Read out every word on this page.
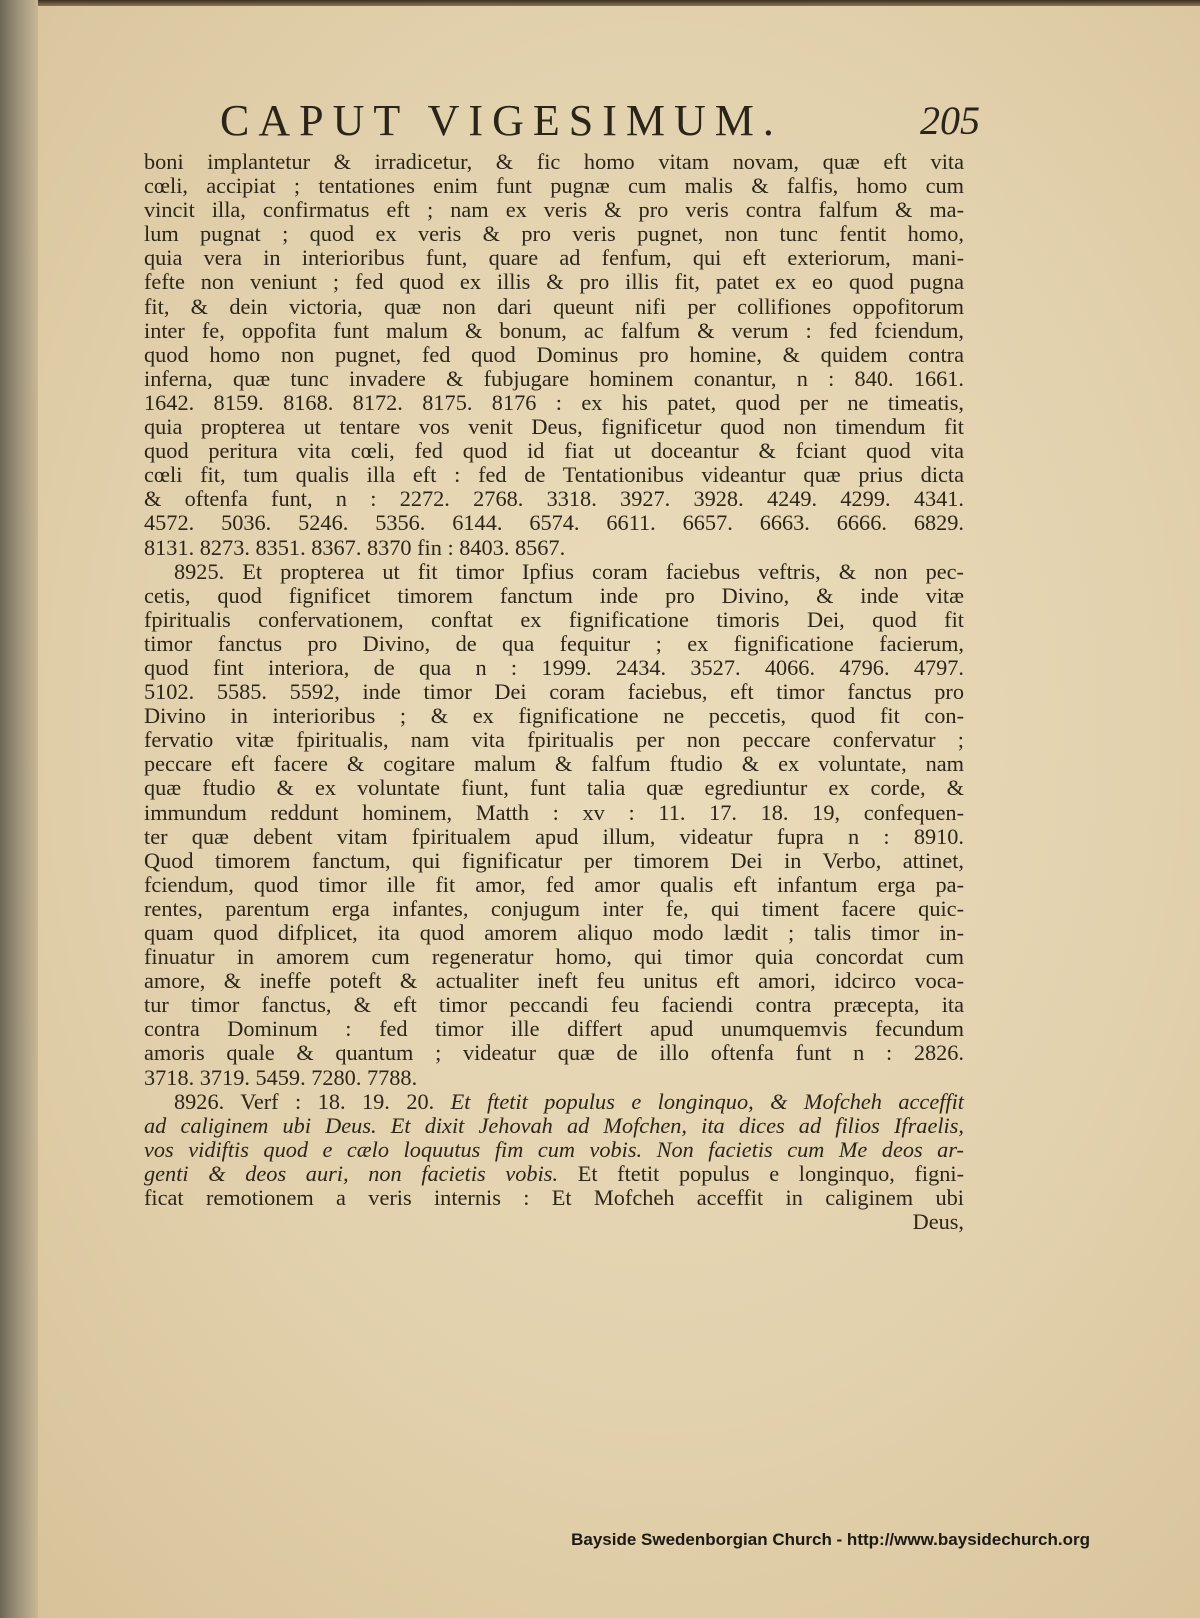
CAPUT VIGESIMUM.	205
boni implantetur & irradicetur, & fic homo vitam novam, quæ eft vita
cœli, accipiat ; tentationes enim funt pugnæ cum malis & falfis, homo cum
vincit illa, confirmatus eft ; nam ex veris & pro veris contra falfum & ma-
lum pugnat ; quod ex veris & pro veris pugnet, non tunc fentit homo,
quia vera in interioribus funt, quare ad fenfum, qui eft exteriorum, mani-
fefte non veniunt ; fed quod ex illis & pro illis fit, patet ex eo quod pugna
fit, & dein victoria, quæ non dari queunt nifi per collifiones oppofitorum
inter fe, oppofita funt malum & bonum, ac falfum & verum : fed fciendum,
quod homo non pugnet, fed quod Dominus pro homine, & quidem contra
inferna, quæ tunc invadere & fubjugare hominem conantur, n : 840. 1661.
1642. 8159. 8168. 8172. 8175. 8176 : ex his patet, quod per ne timeatis,
quia propterea ut tentare vos venit Deus, fignificetur quod non timendum fit
quod peritura vita cœli, fed quod id fiat ut doceantur & fciant quod vita
cœli fit, tum qualis illa eft : fed de Tentationibus videantur quæ prius dicta
& oftenfa funt, n : 2272. 2768. 3318. 3927. 3928. 4249. 4299. 4341.
4572. 5036. 5246. 5356. 6144. 6574. 6611. 6657. 6663. 6666. 6829.
8131. 8273. 8351. 8367. 8370 fin : 8403. 8567.
8925. Et propterea ut fit timor Ipfius coram faciebus veftris, & non pec-
cetis, quod fignificet timorem fanctum inde pro Divino, & inde vitæ
fpiritualis confervationem, conftat ex fignificatione timoris Dei, quod fit
timor fanctus pro Divino, de qua fequitur ; ex fignificatione facierum,
quod fint interiora, de qua n : 1999. 2434. 3527. 4066. 4796. 4797.
5102. 5585. 5592, inde timor Dei coram faciebus, eft timor fanctus pro
Divino in interioribus ; & ex fignificatione ne peccetis, quod fit con-
fervatio vitæ fpiritualis, nam vita fpiritualis per non peccare confervatur ;
peccare eft facere & cogitare malum & falfum ftudio & ex voluntate, nam
quæ ftudio & ex voluntate fiunt, funt talia quæ egrediuntur ex corde, &
immundum reddunt hominem, Matth : xv : 11. 17. 18. 19, confequen-
ter quæ debent vitam fpiritualem apud illum, videatur fupra n : 8910.
Quod timorem fanctum, qui fignificatur per timorem Dei in Verbo, attinet,
fciendum, quod timor ille fit amor, fed amor qualis eft infantum erga pa-
rentes, parentum erga infantes, conjugum inter fe, qui timent facere quic-
quam quod difplicet, ita quod amorem aliquo modo lædit ; talis timor in-
finuatur in amorem cum regeneratur homo, qui timor quia concordat cum
amore, & ineffe poteft & actualiter ineft feu unitus eft amori, idcirco voca-
tur timor fanctus, & eft timor peccandi feu faciendi contra præcepta, ita
contra Dominum : fed timor ille differt apud unumquemvis fecundum
amoris quale & quantum ; videatur quæ de illo oftenfa funt n : 2826.
3718. 3719. 5459. 7280. 7788.
8926. Verf : 18. 19. 20. Et ftetit populus e longinquo, & Mofcheh acceffit
ad caliginem ubi Deus. Et dixit Jehovah ad Mofchen, ita dices ad filios Ifraelis,
vos vidiftis quod e cælo loquutus fim cum vobis. Non facietis cum Me deos ar-
genti & deos auri, non facietis vobis. Et ftetit populus e longinquo, figni-
ficat remotionem a veris internis : Et Mofcheh acceffit in caliginem ubi
Deus,
Bayside Swedenborgian Church - http://www.baysidechurch.org
